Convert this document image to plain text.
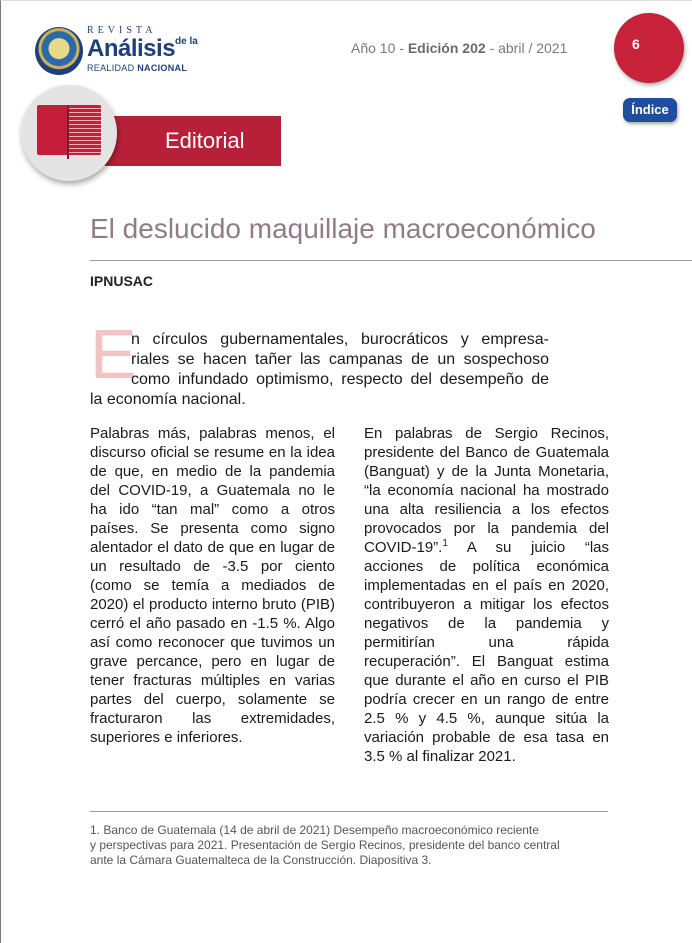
REVISTA
Análisis de la
REALIDAD NACIONAL
Año 10 - Edición 202 - abril / 2021	6
Índice
Editorial
El deslucido maquillaje macroeconómico
IPNUSAC
E
n círculos gubernamentales, burocráticos y empresa-
riales se hacen tañer las campanas de un sospechoso
como infundado optimismo, respecto del desempeño de
la economía nacional.
Palabras más, palabras menos, el discurso oficial se resume en la idea de que, en medio de la pandemia del COVID-19, a Guatemala no le ha ido “tan mal” como a otros países. Se presenta como signo alentador el dato de que en lugar de un resultado de -3.5 por ciento (como se temía a mediados de 2020) el producto interno bruto (PIB) cerró el año pasado en -1.5 %. Algo así como reconocer que tuvimos un grave percance, pero en lugar de tener fracturas múltiples en varias partes del cuerpo, solamente se fracturaron las extremidades, superiores e inferiores.
En palabras de Sergio Recinos, presidente del Banco de Guatemala (Banguat) y de la Junta Monetaria, “la economía nacional ha mostrado una alta resiliencia a los efectos provocados por la pandemia del COVID-19”.$^1$ A su juicio “las acciones de política económica implementadas en el país en 2020, contribuyeron a mitigar los efectos negativos de la pandemia y permitirían una rápida recuperación”. El Banguat estima que durante el año en curso el PIB podría crecer en un rango de entre 2.5 % y 4.5 %, aunque sitúa la variación probable de esa tasa en 3.5 % al finalizar 2021.
1. Banco de Guatemala (14 de abril de 2021) Desempeño macroeconómico reciente
y perspectivas para 2021. Presentación de Sergio Recinos, presidente del banco central
ante la Cámara Guatemalteca de la Construcción. Diapositiva 3.
